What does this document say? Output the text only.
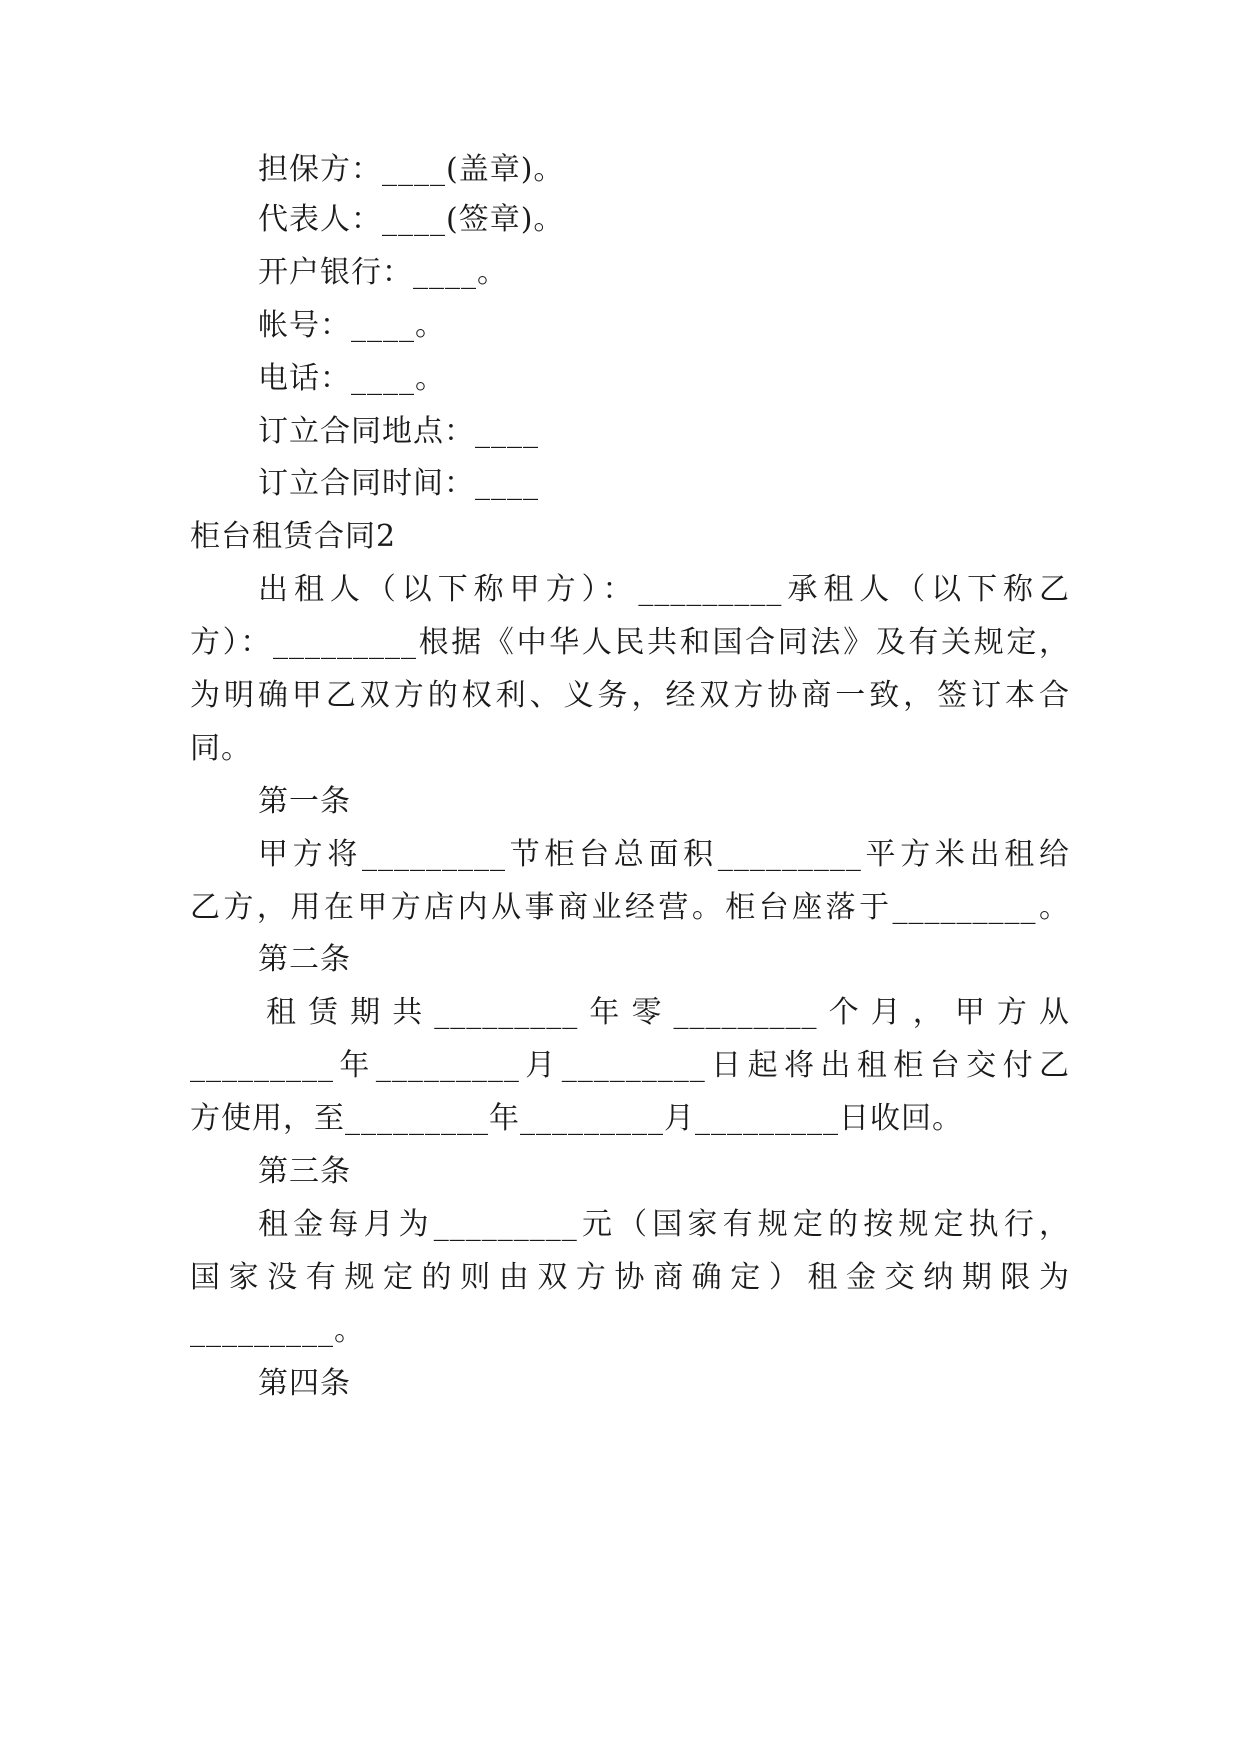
担保方：____(盖章)。
代表人：____(签章)。
开户银行：____。
帐号：____。
电话：____。
订立合同地点：____
订立合同时间：____
柜台租赁合同2
出租人（以下称甲方）：_________承租人（以下称乙
方）：_________根据《中华人民共和国合同法》及有关规定，
为明确甲乙双方的权利、义务，经双方协商一致，签订本合
同。
第一条
甲方将_________节柜台总面积_________平方米出租给
乙方，用在甲方店内从事商业经营。柜台座落于_________。
第二条
租赁期共_________年零_________个月，甲方从
_________年_________月_________日起将出租柜台交付乙
方使用，至_________年_________月_________日收回。
第三条
租金每月为_________元（国家有规定的按规定执行，
国家没有规定的则由双方协商确定）租金交纳期限为
_________。
第四条
